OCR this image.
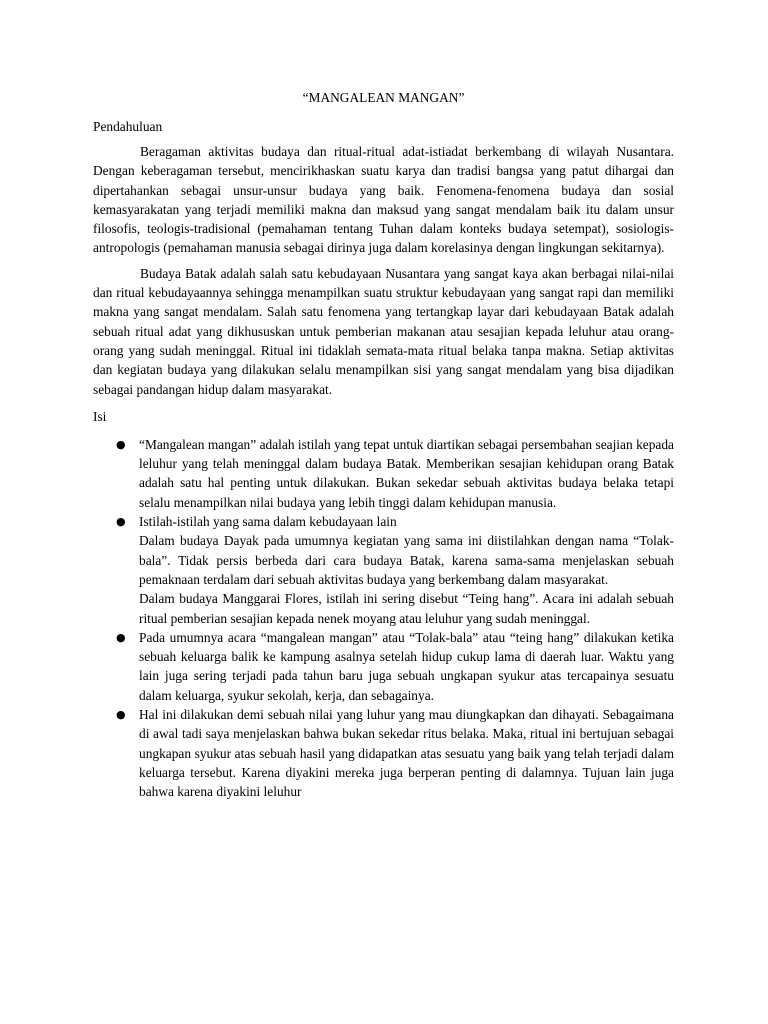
“MANGALEAN MANGAN”
Pendahuluan

Beragaman aktivitas budaya dan ritual-ritual adat-istiadat berkembang di wilayah Nusantara. Dengan keberagaman tersebut, mencirikhaskan suatu karya dan tradisi bangsa yang patut dihargai dan dipertahankan sebagai unsur-unsur budaya yang baik. Fenomena-fenomena budaya dan sosial kemasyarakatan yang terjadi memiliki makna dan maksud yang sangat mendalam baik itu dalam unsur filosofis, teologis-tradisional (pemahaman tentang Tuhan dalam konteks budaya setempat), sosiologis-antropologis (pemahaman manusia sebagai dirinya juga dalam korelasinya dengan lingkungan sekitarnya).

Budaya Batak adalah salah satu kebudayaan Nusantara yang sangat kaya akan berbagai nilai-nilai dan ritual kebudayaannya sehingga menampilkan suatu struktur kebudayaan yang sangat rapi dan memiliki makna yang sangat mendalam. Salah satu fenomena yang tertangkap layar dari kebudayaan Batak adalah sebuah ritual adat yang dikhususkan untuk pemberian makanan atau sesajian kepada leluhur atau orang-orang yang sudah meninggal. Ritual ini tidaklah semata-mata ritual belaka tanpa makna. Setiap aktivitas dan kegiatan budaya yang dilakukan selalu menampilkan sisi yang sangat mendalam yang bisa dijadikan sebagai pandangan hidup dalam masyarakat.

Isi
● “Mangalean mangan” adalah istilah yang tepat untuk diartikan sebagai persembahan seajian kepada leluhur yang telah meninggal dalam budaya Batak. Memberikan sesajian kehidupan orang Batak adalah satu hal penting untuk dilakukan. Bukan sekedar sebuah aktivitas budaya belaka tetapi selalu menampilkan nilai budaya yang lebih tinggi dalam kehidupan manusia.

● Istilah-istilah yang sama dalam kebudayaan lain

Dalam budaya Dayak pada umumnya kegiatan yang sama ini diistilahkan dengan nama “Tolak-bala”. Tidak persis berbeda dari cara budaya Batak, karena sama-sama menjelaskan sebuah pemaknaan terdalam dari sebuah aktivitas budaya yang berkembang dalam masyarakat.

Dalam budaya Manggarai Flores, istilah ini sering disebut “Teing hang”. Acara ini adalah sebuah ritual pemberian sesajian kepada nenek moyang atau leluhur yang sudah meninggal.

● Pada umumnya acara “mangalean mangan” atau “Tolak-bala” atau “teing hang” dilakukan ketika sebuah keluarga balik ke kampung asalnya setelah hidup cukup lama di daerah luar. Waktu yang lain juga sering terjadi pada tahun baru juga sebuah ungkapan syukur atas tercapainya sesuatu dalam keluarga, syukur sekolah, kerja, dan sebagainya.

● Hal ini dilakukan demi sebuah nilai yang luhur yang mau diungkapkan dan dihayati. Sebagaimana di awal tadi saya menjelaskan bahwa bukan sekedar ritus belaka. Maka, ritual ini bertujuan sebagai ungkapan syukur atas sebuah hasil yang didapatkan atas sesuatu yang baik yang telah terjadi dalam keluarga tersebut. Karena diyakini mereka juga berperan penting di dalamnya. Tujuan lain juga bahwa karena diyakini leluhur
